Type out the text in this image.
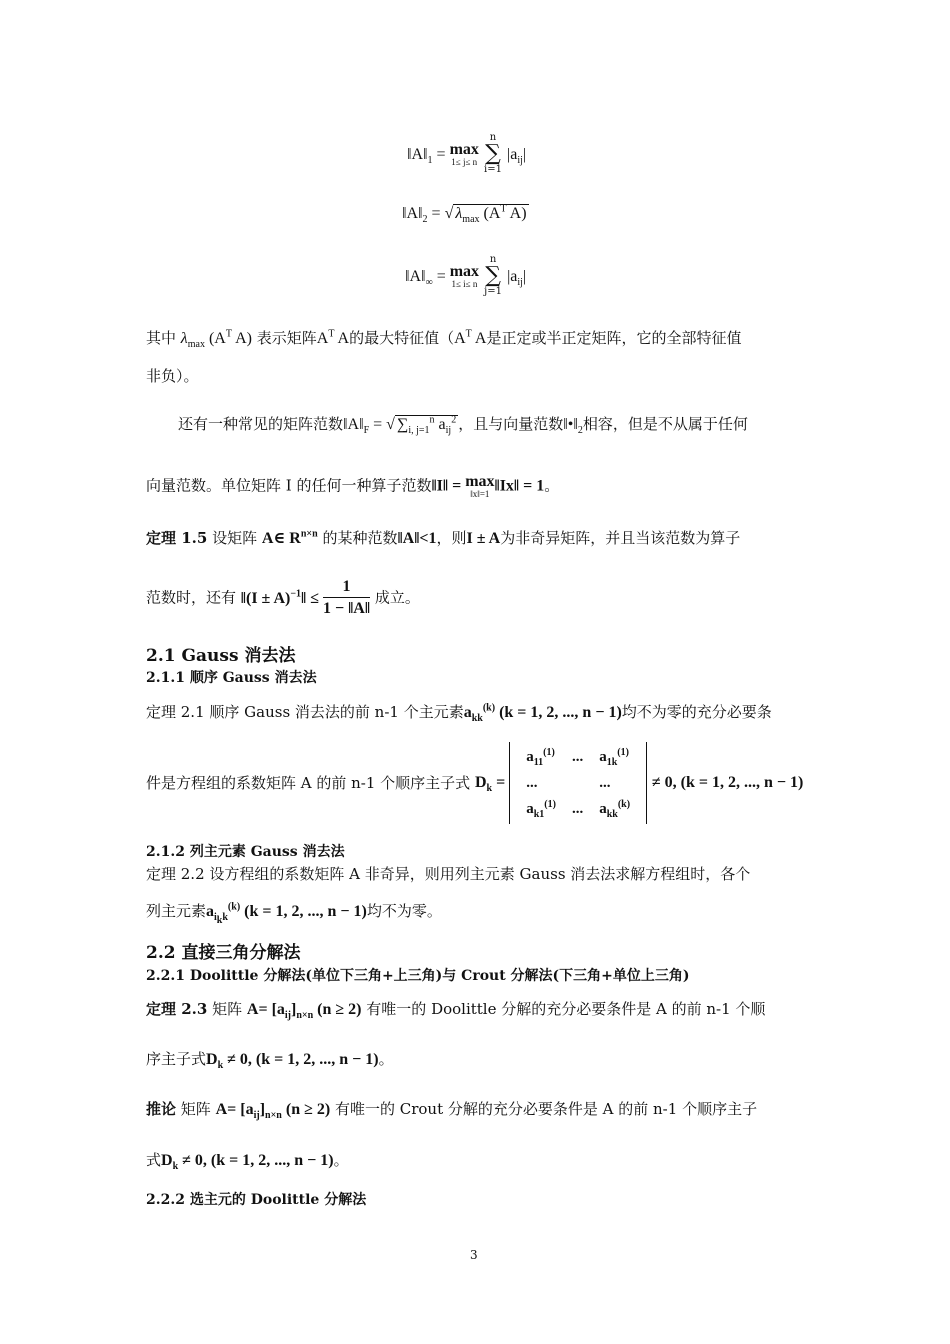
$‖A‖_1 = \max$
1≤ j≤ n

n
∑
i=1
$|a_{ij}|$
$‖A‖_2$ = √ $\lambda_{max}$ ($A^T$ A)
$‖A‖_\infty = \max$
1≤ i≤ n

n
∑
j=1
$|a_{ij}|$
其中 $\lambda_{max}$ ($A^T$ A) 表示矩阵$A^T$ A的最大特征值（$A^T$ A是正定或半正定矩阵，它的全部特征值
非负）。
还有一种常见的矩阵范数$‖A‖_F$ = √ $\sum_{i, j=1}^n$ $a_{ij}^2$ ，且与向量范数$‖•‖_2$相容，但是不从属于任何
向量范数。单位矩阵 I 的任何一种算子范数‖I‖ = max
‖x‖=1 ‖Ix‖ = 1。
定理 1.5 设矩阵 A∈ $R^{n\times n}$ 的某种范数‖A‖<1，则I ± A为非奇异矩阵，并且当该范数为算子
范数时，还有 ‖(I ± A)$^{-1}$‖ ≤ $\frac{1}{1 - ‖A‖}$ 成立。
2.1 Gauss 消去法
2.1.1 顺序 Gauss 消去法
定理 2.1 顺序 Gauss 消去法的前 n-1 个主元素$a_{kk}^{(k)}$ (k = 1, 2, ..., n − 1)均不为零的充分必要条
件是方程组的系数矩阵 A 的前 n-1 个顺序主子式 $D_k$ =
$a_{11}^{(1)}$	...	$a_{1k}^{(1)}$
...		...
$a_{k1}^{(1)}$	...	$a_{kk}^{(k)}$
≠ 0, (k = 1, 2, ..., n − 1)
2.1.2 列主元素 Gauss 消去法
定理 2.2 设方程组的系数矩阵 A 非奇异，则用列主元素 Gauss 消去法求解方程组时，各个
列主元素$a_{i_kk}^{(k)}$ (k = 1, 2, ..., n − 1)均不为零。
2.2 直接三角分解法
2.2.1 Doolittle 分解法(单位下三角+上三角)与 Crout 分解法(下三角+单位上三角)
定理 2.3 矩阵 $A= [a_{ij}]_{n\times n}$ (n ≥ 2) 有唯一的 Doolittle 分解的充分必要条件是 A 的前 n-1 个顺
序主子式$D_k \ne 0$, (k = 1, 2, ..., n − 1)。
推论 矩阵 $A= [a_{ij}]_{n\times n}$ (n ≥ 2) 有唯一的 Crout 分解的充分必要条件是 A 的前 n-1 个顺序主子
式$D_k \ne 0$, (k = 1, 2, ..., n − 1)。
2.2.2 选主元的 Doolittle 分解法
3
